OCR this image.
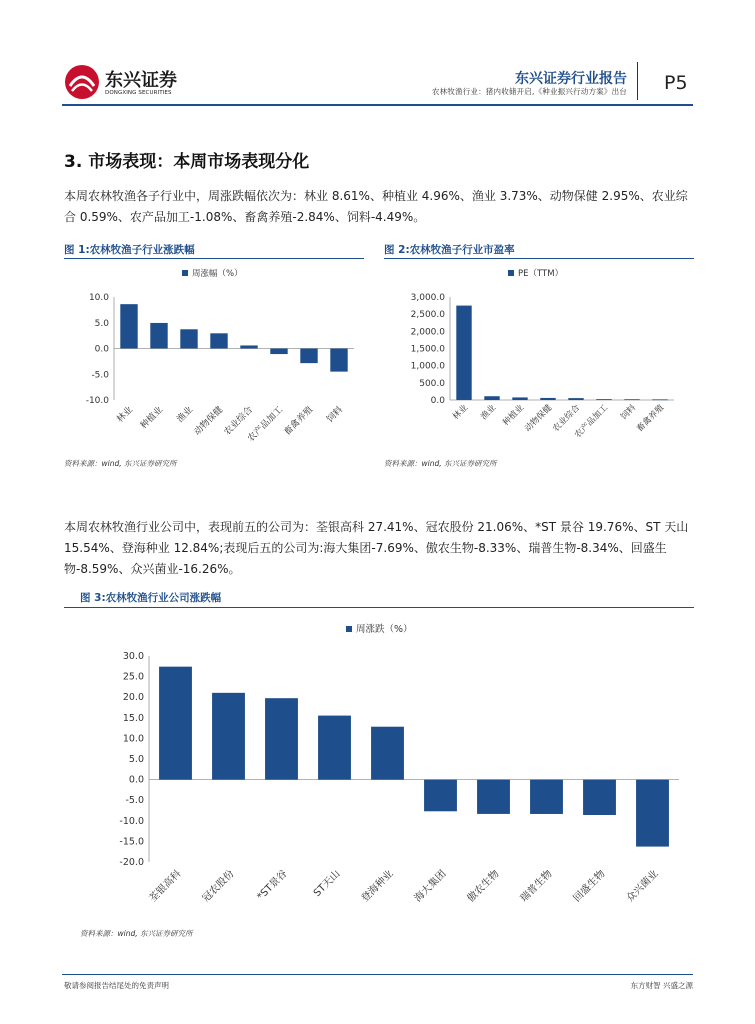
东兴证券
DONGXING SECURITIES
东兴证券行业报告
农林牧渔行业：猪内收储开启,《种业振兴行动方案》出台 P5
3. 市场表现：本周市场表现分化
本周农林牧渔各子行业中，周涨跌幅依次为：林业 8.61%、种植业 4.96%、渔业 3.73%、动物保健 2.95%、农业综合 0.59%、农产品加工-1.08%、畜禽养殖-2.84%、饲料-4.49%。
图 1:农林牧渔子行业涨跌幅
周涨幅（%）
10.0
5.0
0.0
-5.0
-10.0
林业 种植业 渔业
动物保健
农业综合
农产品加工
畜禽养殖 饲料
资料来源：wind, 东兴证券研究所
图 2:农林牧渔子行业市盈率
PE（TTM）
3,000.0
2,500.0
2,000.0
1,500.0
1,000.0
500.0
0.0
林业 渔业 种植业
动物保健
农业综合
农产品加工 饲料
畜禽养殖
资料来源：wind, 东兴证券研究所
本周农林牧渔行业公司中，表现前五的公司为：荃银高科 27.41%、冠农股份 21.06%、*ST 景谷 19.76%、ST 天山 15.54%、登海种业 12.84%;表现后五的公司为:海大集团-7.69%、傲农生物-8.33%、瑞普生物-8.34%、回盛生物-8.59%、众兴菌业-16.26%。
图 3:农林牧渔行业公司涨跌幅
周涨跌（%）
30.0
25.0
20.0
15.0
10.0
5.0
0.0
-5.0
-10.0
-15.0
-20.0
荃银高科 冠农股份 *ST景谷 ST天山 登海种业 海大集团 傲农生物 瑞普生物 回盛生物 众兴菌业
资料来源：wind, 东兴证券研究所
敬请参阅报告结尾处的免责声明	东方财智 兴盛之源
